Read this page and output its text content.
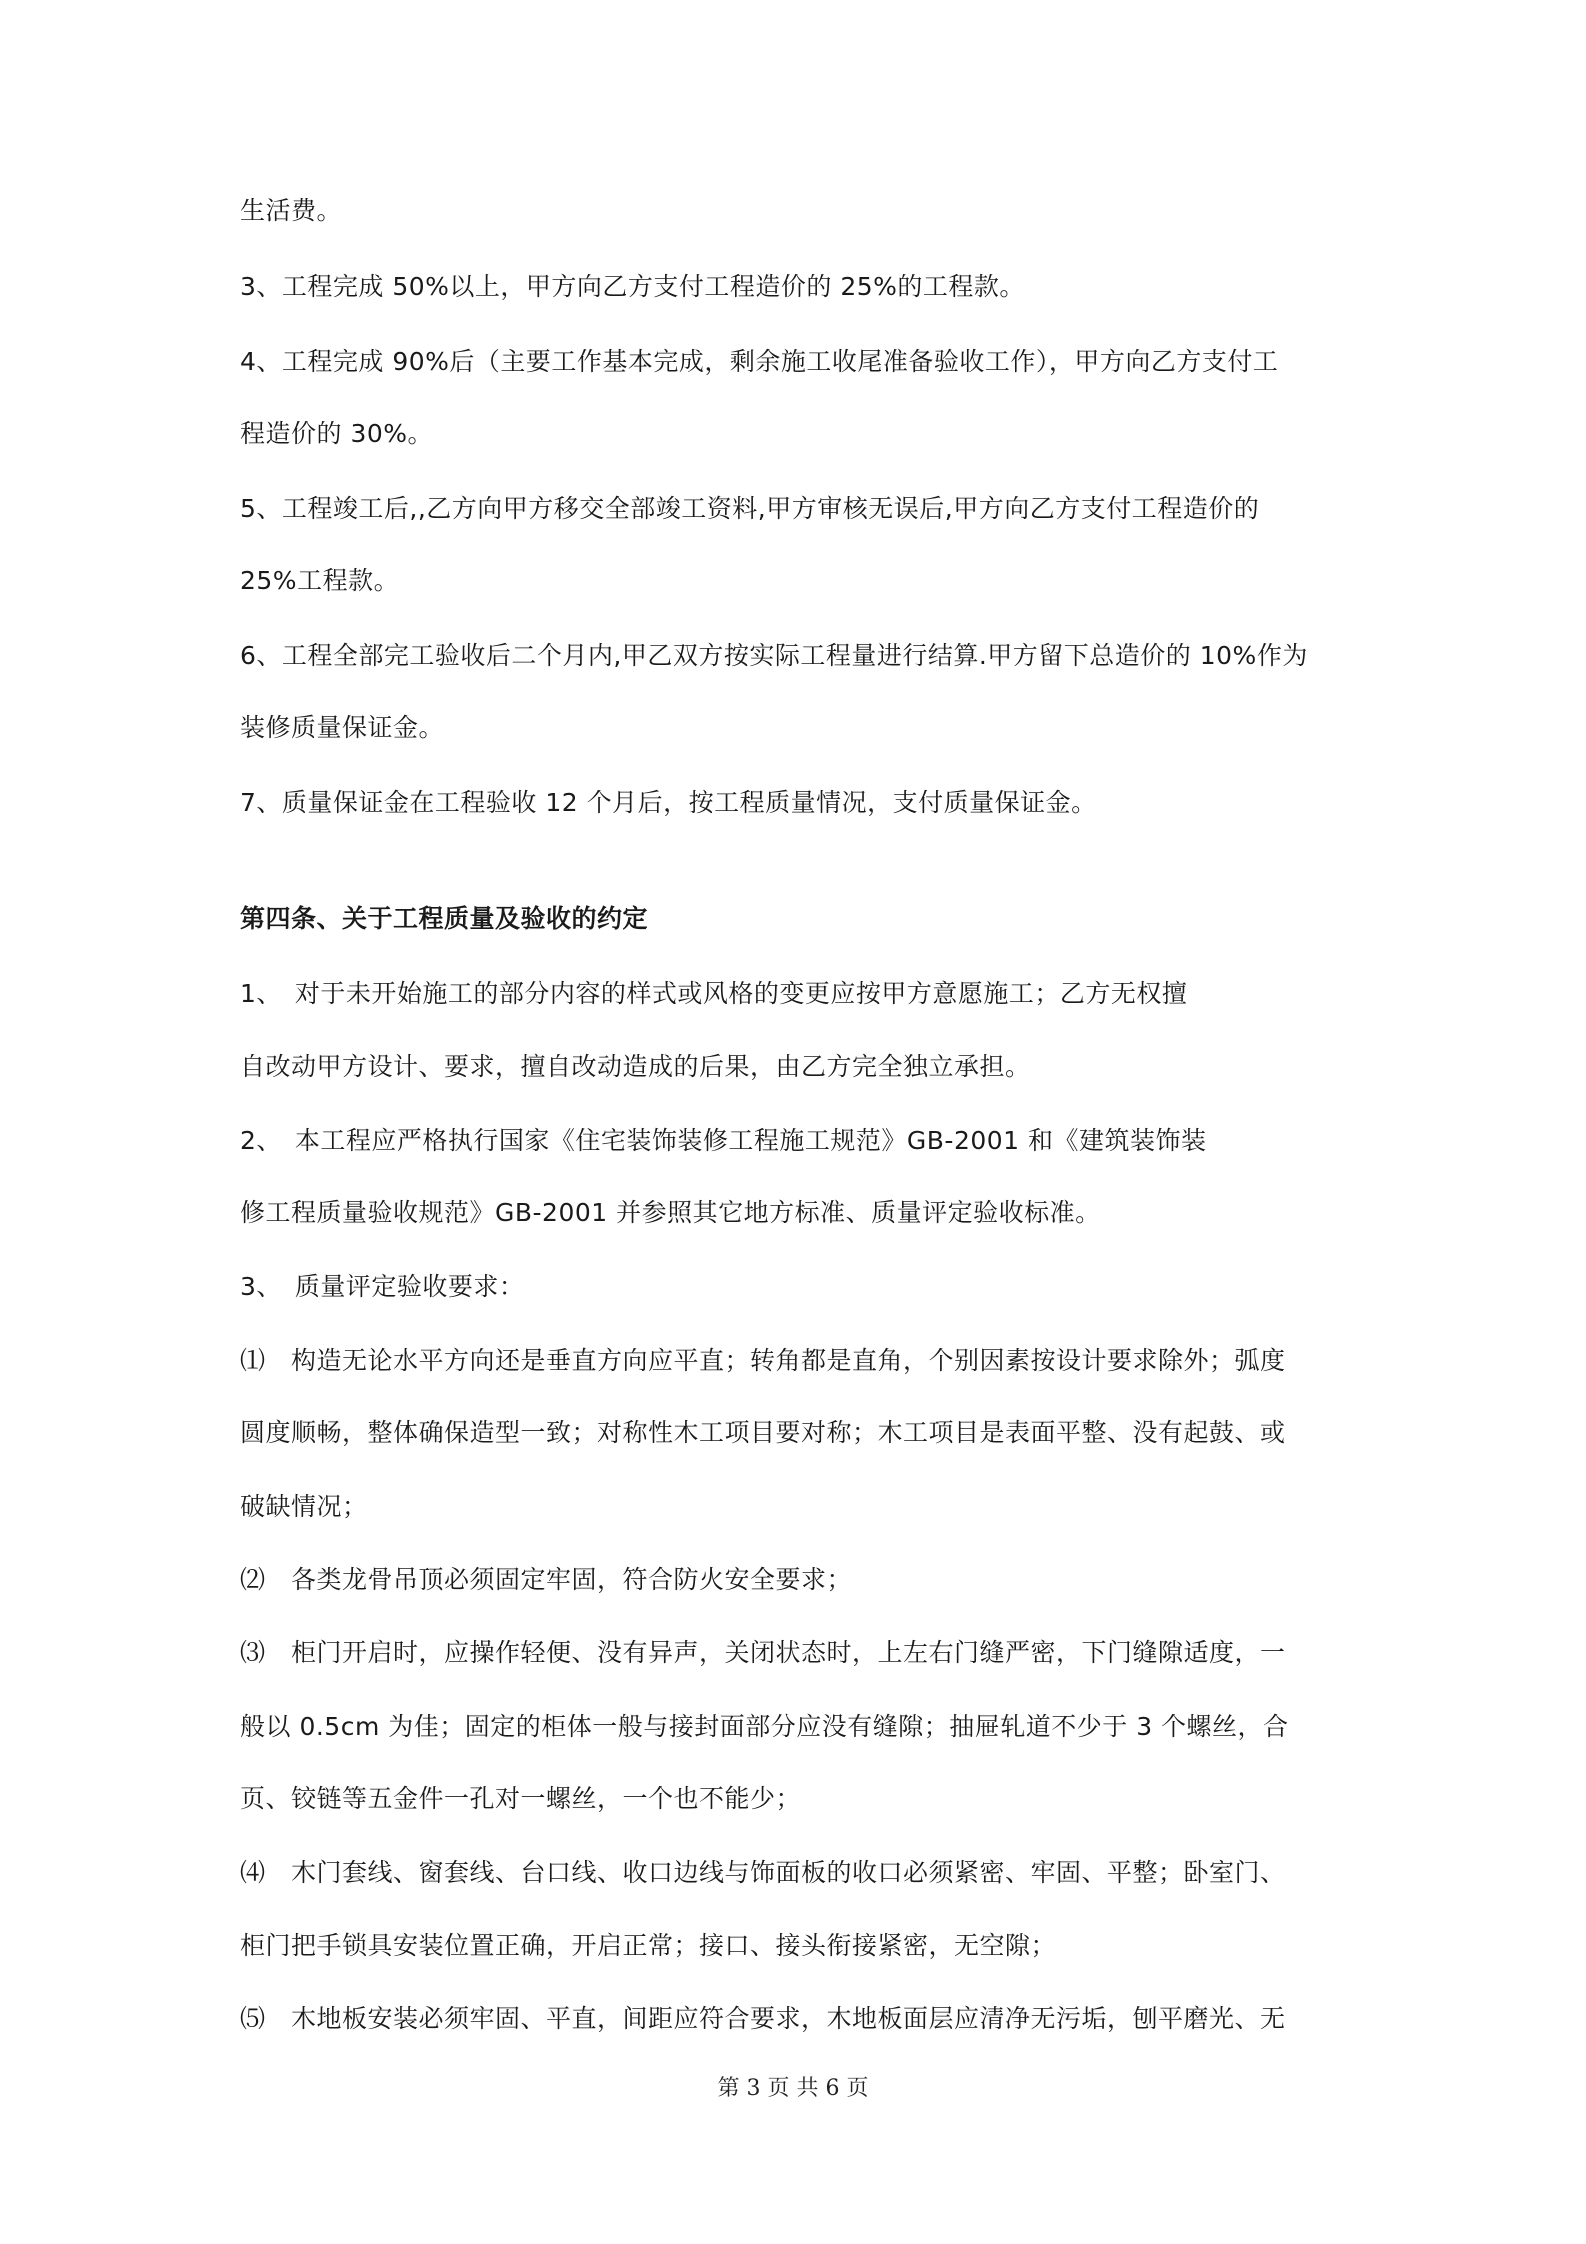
生活费。
3、工程完成 50%以上，甲方向乙方支付工程造价的 25%的工程款。
4、工程完成 90%后（主要工作基本完成，剩余施工收尾准备验收工作），甲方向乙方支付工
程造价的 30%。
5、工程竣工后,,乙方向甲方移交全部竣工资料,甲方审核无误后,甲方向乙方支付工程造价的
25%工程款。
6、工程全部完工验收后二个月内,甲乙双方按实际工程量进行结算.甲方留下总造价的 10%作为
装修质量保证金。
7、质量保证金在工程验收 12 个月后，按工程质量情况，支付质量保证金。
第四条、关于工程质量及验收的约定
1、　对于未开始施工的部分内容的样式或风格的变更应按甲方意愿施工；乙方无权擅
自改动甲方设计、要求，擅自改动造成的后果，由乙方完全独立承担。
2、　本工程应严格执行国家《住宅装饰装修工程施工规范》GB-2001 和《建筑装饰装
修工程质量验收规范》GB-2001 并参照其它地方标准、质量评定验收标准。
3、　质量评定验收要求：
⑴　构造无论水平方向还是垂直方向应平直；转角都是直角，个别因素按设计要求除外；弧度
圆度顺畅，整体确保造型一致；对称性木工项目要对称；木工项目是表面平整、没有起鼓、或
破缺情况；
⑵　各类龙骨吊顶必须固定牢固，符合防火安全要求；
⑶　柜门开启时，应操作轻便、没有异声，关闭状态时，上左右门缝严密，下门缝隙适度，一
般以 0.5cm 为佳；固定的柜体一般与接封面部分应没有缝隙；抽屉轧道不少于 3 个螺丝，合
页、铰链等五金件一孔对一螺丝，一个也不能少；
⑷　木门套线、窗套线、台口线、收口边线与饰面板的收口必须紧密、牢固、平整；卧室门、
柜门把手锁具安装位置正确，开启正常；接口、接头衔接紧密，无空隙；
⑸　木地板安装必须牢固、平直，间距应符合要求，木地板面层应清净无污垢，刨平磨光、无
第 3 页 共 6 页
